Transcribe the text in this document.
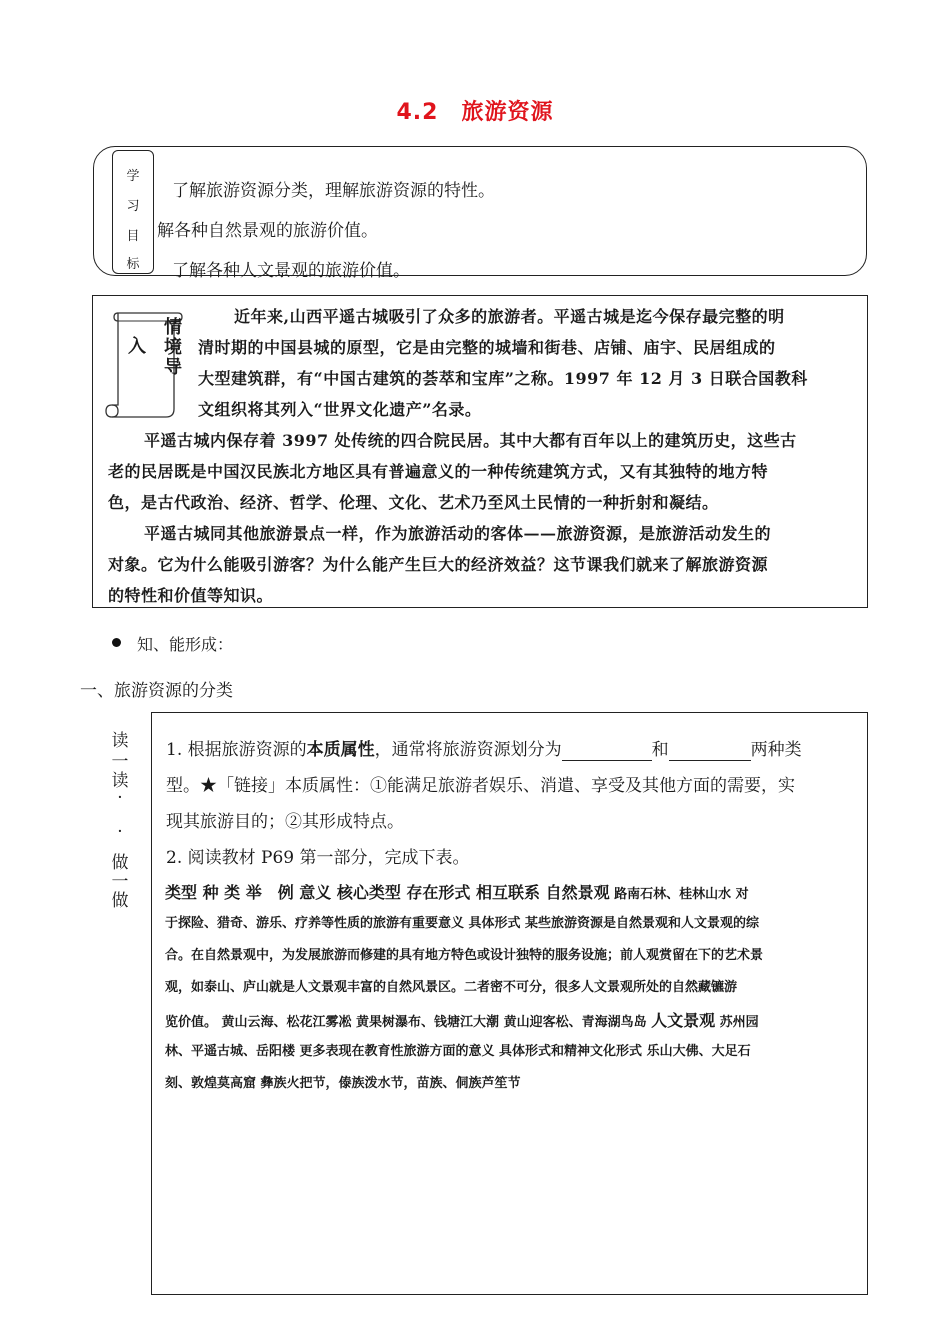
4.2　旅游资源
学
习
目
标
了解旅游资源分类，理解旅游资源的特性。
解各种自然景观的旅游价值。
了解各种人文景观的旅游价值。
入
情
境
导
近年来,山西平遥古城吸引了众多的旅游者。平遥古城是迄今保存最完整的明
清时期的中国县城的原型，它是由完整的城墙和街巷、店铺、庙宇、民居组成的
大型建筑群，有“中国古建筑的荟萃和宝库”之称。1997 年 12 月 3 日联合国教科
文组织将其列入“世界文化遗产”名录。
平遥古城内保存着 3997 处传统的四合院民居。其中大都有百年以上的建筑历史，这些古
老的民居既是中国汉民族北方地区具有普遍意义的一种传统建筑方式，又有其独特的地方特
色，是古代政治、经济、哲学、伦理、文化、艺术乃至风土民情的一种折射和凝结。
平遥古城同其他旅游景点一样，作为旅游活动的客体——旅游资源，是旅游活动发生的
对象。它为什么能吸引游客？为什么能产生巨大的经济效益？这节课我们就来了解旅游资源
的特性和价值等知识。
知、能形成：
一、旅游资源的分类
读
一
读
·
·
做
一
做
1. 根据旅游资源的本质属性，通常将旅游资源划分为	和	两种类
型。★「链接」本质属性：①能满足旅游者娱乐、消遣、享受及其他方面的需要，实
现其旅游目的；②其形成特点。
2. 阅读教材 P69 第一部分，完成下表。
类型 种 类 举　例 意义 核心类型 存在形式 相互联系 自然景观 路南石林、桂林山水 对
于探险、猎奇、游乐、疗养等性质的旅游有重要意义 具体形式 某些旅游资源是自然景观和人文景观的综
合。在自然景观中，为发展旅游而修建的具有地方特色或设计独特的服务设施；前人观赏留在下的艺术景
观，如泰山、庐山就是人文景观丰富的自然风景区。二者密不可分，很多人文景观所处的自然藏镳游
览价值。 黄山云海、松花江雾凇 黄果树瀑布、钱塘江大潮 黄山迎客松、青海湖鸟岛 人文景观 苏州园
林、平遥古城、岳阳楼 更多表现在教育性旅游方面的意义 具体形式和精神文化形式 乐山大佛、大足石
刻、敦煌莫高窟 彝族火把节，傣族泼水节，苗族、侗族芦笙节
